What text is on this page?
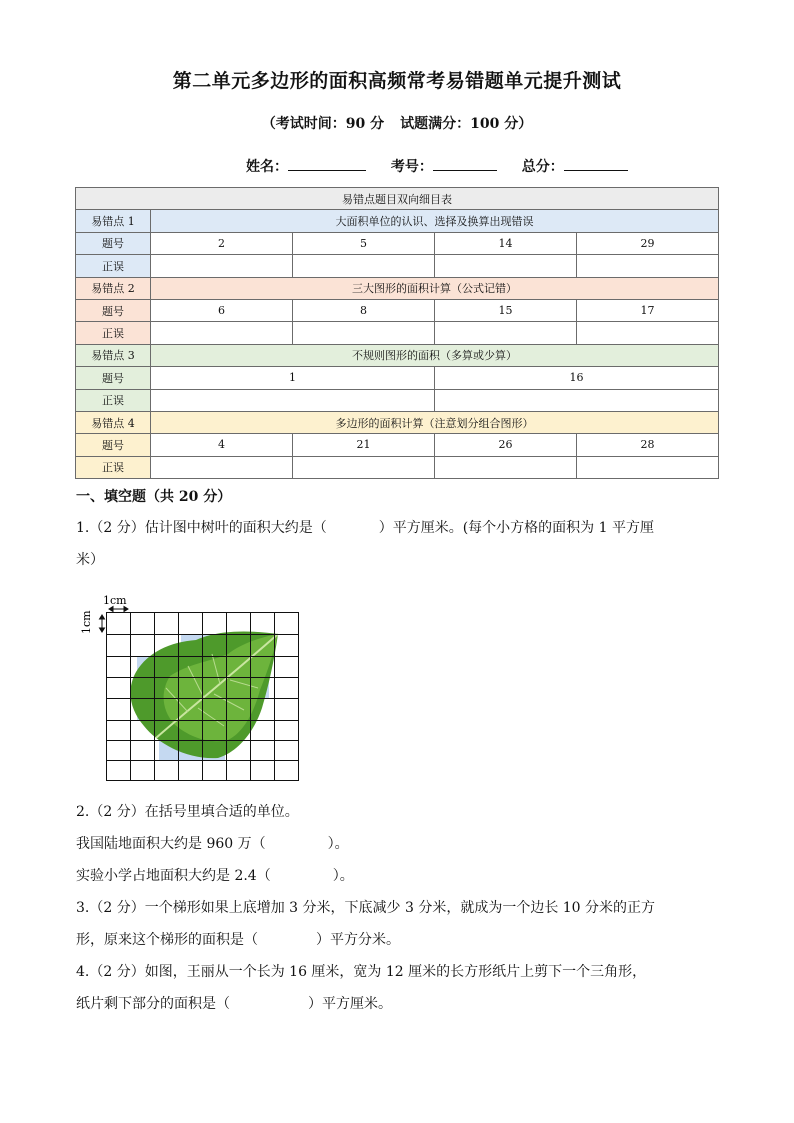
第二单元多边形的面积高频常考易错题单元提升测试
（考试时间：90 分 试题满分：100 分）
姓名：	考号：	总分：
易错点题目双向细目表				
易错点 1	大面积单位的认识、选择及换算出现错误			
题号	2	5	14	29
正误				
易错点 2	三大图形的面积计算（公式记错）			
题号	6	8	15	17
正误				
易错点 3	不规则图形的面积（多算或少算）			
题号	1		16	
正误				
易错点 4	多边形的面积计算（注意划分组合图形）			
题号	4	21	26	28
正误				
一、填空题（共 20 分）

1.（2 分）估计图中树叶的面积大约是（	）平方厘米。(每个小方格的面积为 1 平方厘

米）

1cm
1cm

2.（2 分）在括号里填合适的单位。

我国陆地面积大约是 960 万（	）。

实验小学占地面积大约是 2.4（	）。

3.（2 分）一个梯形如果上底增加 3 分米，下底减少 3 分米，就成为一个边长 10 分米的正方

形，原来这个梯形的面积是（	）平方分米。

4.（2 分）如图，王丽从一个长为 16 厘米，宽为 12 厘米的长方形纸片上剪下一个三角形，

纸片剩下部分的面积是（	）平方厘米。
